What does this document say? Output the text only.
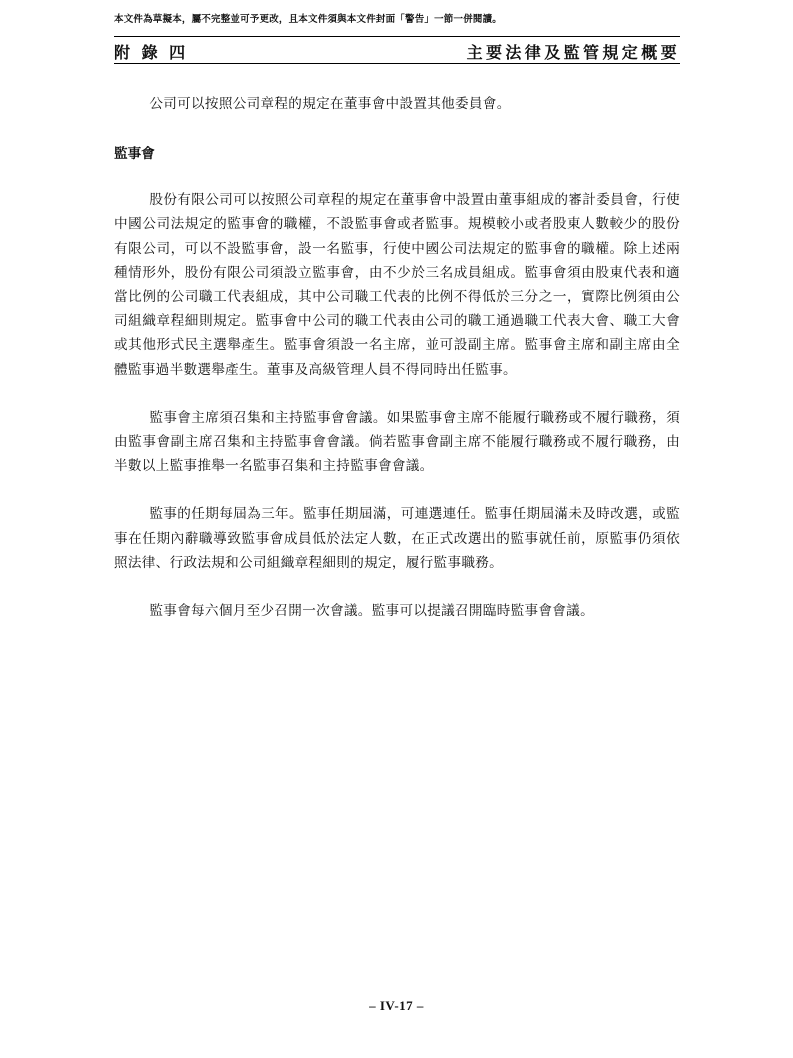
本文件為草擬本，屬不完整並可予更改，且本文件須與本文件封面「警告」一節一併閱讀。
附 錄 四	主要法律及監管規定概要

公司可以按照公司章程的規定在董事會中設置其他委員會。

監事會

股份有限公司可以按照公司章程的規定在董事會中設置由董事組成的審計委員會，行使中國公司法規定的監事會的職權，不設監事會或者監事。規模較小或者股東人數較少的股份有限公司，可以不設監事會，設一名監事，行使中國公司法規定的監事會的職權。除上述兩種情形外，股份有限公司須設立監事會，由不少於三名成員組成。監事會須由股東代表和適當比例的公司職工代表組成，其中公司職工代表的比例不得低於三分之一，實際比例須由公司組織章程細則規定。監事會中公司的職工代表由公司的職工通過職工代表大會、職工大會或其他形式民主選舉產生。監事會須設一名主席，並可設副主席。監事會主席和副主席由全體監事過半數選舉產生。董事及高級管理人員不得同時出任監事。

監事會主席須召集和主持監事會會議。如果監事會主席不能履行職務或不履行職務，須由監事會副主席召集和主持監事會會議。倘若監事會副主席不能履行職務或不履行職務，由半數以上監事推舉一名監事召集和主持監事會會議。

監事的任期每屆為三年。監事任期屆滿，可連選連任。監事任期屆滿未及時改選，或監事在任期內辭職導致監事會成員低於法定人數，在正式改選出的監事就任前，原監事仍須依照法律、行政法規和公司組織章程細則的規定，履行監事職務。

監事會每六個月至少召開一次會議。監事可以提議召開臨時監事會會議。

– IV-17 –
